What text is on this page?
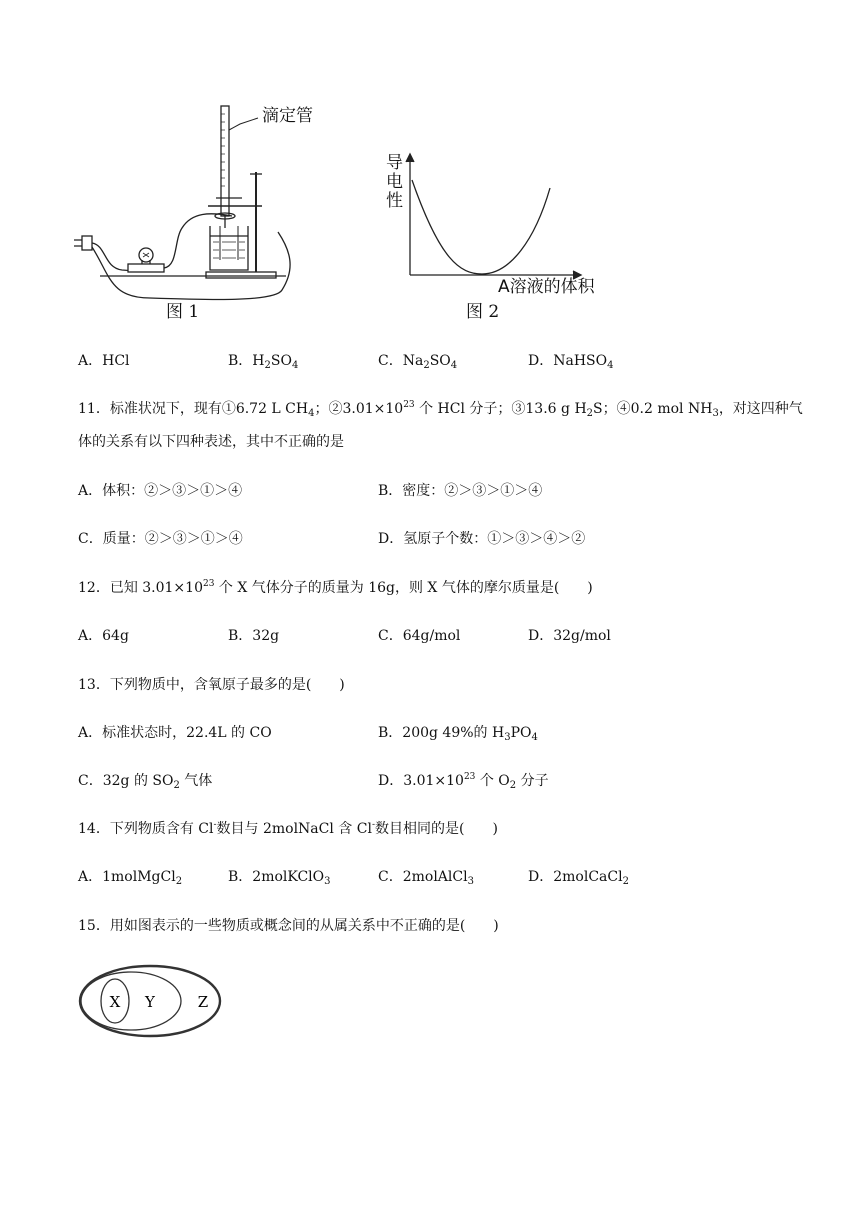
滴定管
图 1
导
电
性
A溶液的体积
图 2
A．HCl	B．$H_2SO_4$	C．$Na_2SO_4$	D．NaHSO$_4$
11．标准状况下，现有①6.72 L $CH_4$；$②3.01\times 10^{23}$ 个 HCl 分子；③13.6 g $H_2S$；④0.2 mol $NH_3$，对这四种气
体的关系有以下四种表述，其中不正确的是
A．体积：②＞③＞①＞④	B．密度：②＞③＞①＞④
C．质量：②＞③＞①＞④	D．氢原子个数：①＞③＞④＞②
12．已知 $3.01\times 10^{23}$ 个 X 气体分子的质量为 16g，则 X 气体的摩尔质量是(　　)
A．64g	B．32g	C．64g/mol	D．32g/mol
13．下列物质中，含氧原子最多的是(　　)
A．标准状态时，22.4L 的 CO	B．200g 49%的 $H_3PO_4$
C．32g 的 $SO_2$ 气体	D．$3.01\times 10^{23}$ 个 $O_2$ 分子
14．下列物质含有 Cl-数目与 2molNaCl 含 Cl-数目相同的是(　　)
A．1molMgCl$_2$	B．2molKClO$_3$	C．2molAlCl$_3$	D．2molCaCl$_2$
15．用如图表示的一些物质或概念间的从属关系中不正确的是(　　)
X Y	Z
